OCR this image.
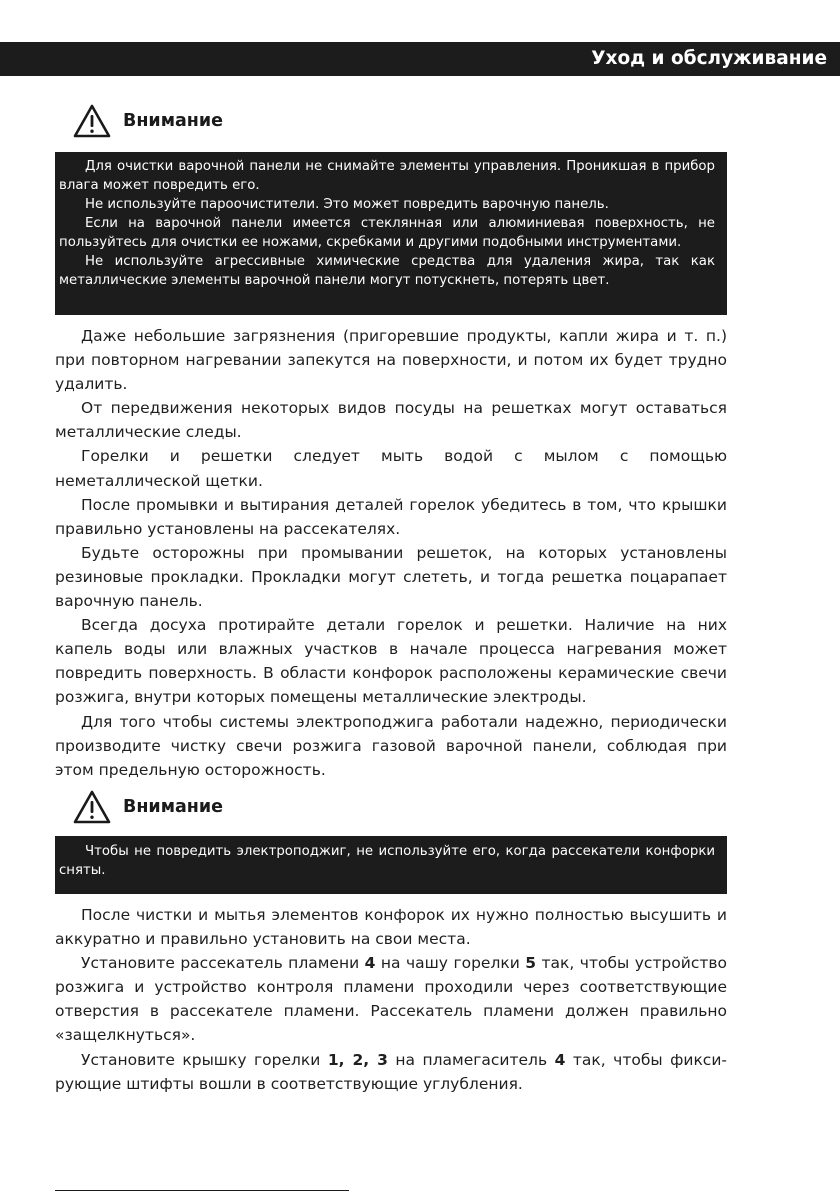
Уход и обслуживание
Внимание

Для очистки варочной панели не снимайте элементы управления. Проникшая в прибор влага может повредить его.

Не используйте пароочистители. Это может повредить варочную панель.

Если на варочной панели имеется стеклянная или алюминиевая поверхность, не пользуйтесь для очистки ее ножами, скребками и другими подобными инструментами.

Не используйте агрессивные химические средства для удаления жира, так как металлические элементы варочной панели могут потускнеть, потерять цвет.

Даже небольшие загрязнения (пригоревшие продукты, капли жира и т. п.) при повторном нагревании запекутся на поверхности, и потом их будет трудно удалить.

От передвижения некоторых видов посуды на решетках могут оставаться металлические следы.

Горелки и решетки следует мыть водой с мылом с помощью неметаллической щетки.

После промывки и вытирания деталей горелок убедитесь в том, что крышки правильно установлены на рассекателях.

Будьте осторожны при промывании решеток, на которых установлены резиновые прокладки. Прокладки могут слететь, и тогда решетка поцарапает варочную панель.

Всегда досуха протирайте детали горелок и решетки. Наличие на них капель воды или влажных участков в начале процесса нагревания может повредить поверхность. В области конфорок расположены керамические свечи розжига, внутри которых помещены металлические электроды.

Для того чтобы системы электроподжига работали надежно, периодически производите чистку свечи розжига газовой варочной панели, соблюдая при этом предельную осторожность.

Внимание

Чтобы не повредить электроподжиг, не используйте его, когда рассекатели конфорки сняты.

После чистки и мытья элементов конфорок их нужно полностью высушить и аккуратно и правильно установить на свои места.

Установите рассекатель пламени 4 на чашу горелки 5 так, чтобы устройство розжига и устройство контроля пламени проходили через соответствующие отверстия в рассекателе пламени. Рассекатель пламени должен правильно «защелкнуться».

Установите крышку горелки 1, 2, 3 на пламегаситель 4 так, чтобы фиксирующие штифты вошли в соответствующие углубления.
